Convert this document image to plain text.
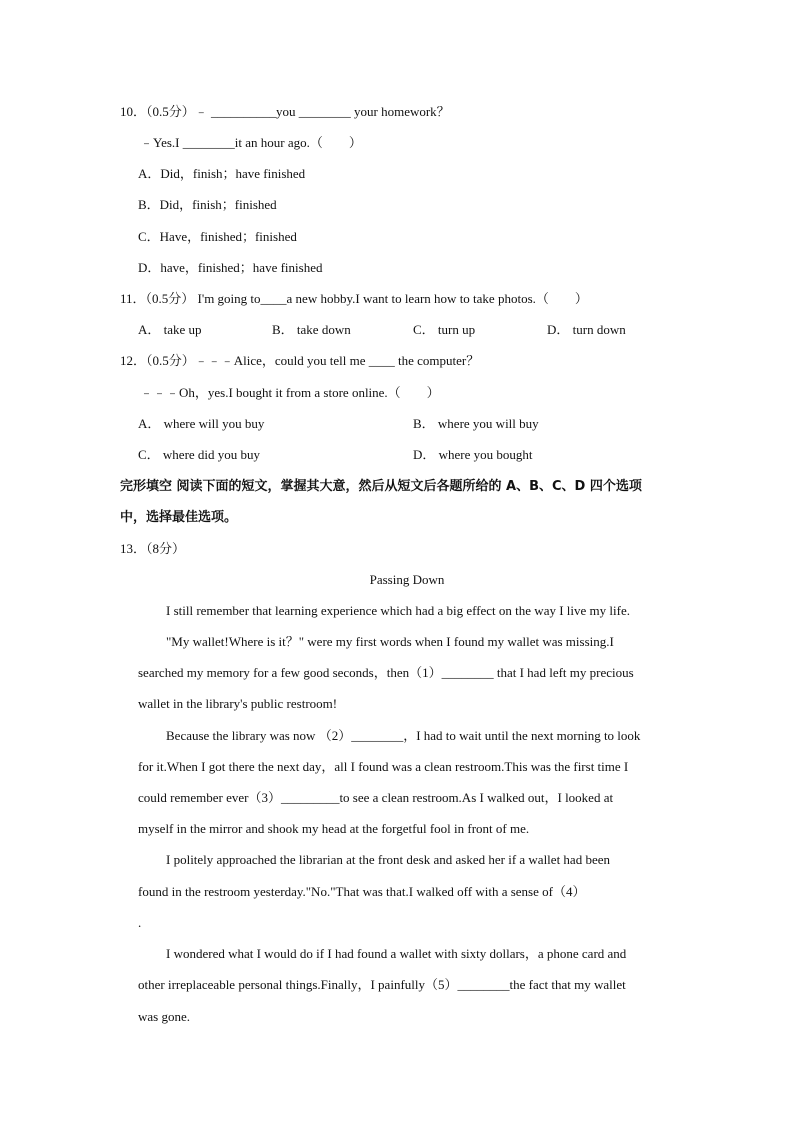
10．（0.5分）﹣ __________you ________ your homework？
﹣Yes.I ________it an hour ago.（　　）
A．Did，finish；have finished
B．Did，finish；finished
C．Have，finished；finished
D．have，finished；have finished
11．（0.5分） I'm going to____a new hobby.I want to learn how to take photos.（　　）
A． take up	B． take down	C． turn up	D． turn down
12．（0.5分）﹣﹣﹣Alice，could you tell me ____ the computer？
﹣﹣﹣Oh，yes.I bought it from a store online.（　　）
A． where will you buy	B． where you will buy
C． where did you buy	D． where you bought
完形填空 阅读下面的短文，掌握其大意，然后从短文后各题所给的 A、B、C、D 四个选项
中，选择最佳选项。
13．（8分）
Passing Down
I still remember that learning experience which had a big effect on the way I live my life.
"My wallet!Where is it？" were my first words when I found my wallet was missing.I
searched my memory for a few good seconds，then（1）________ that I had left my precious
wallet in the library's public restroom!
Because the library was now （2）________，I had to wait until the next morning to look
for it.When I got there the next day，all I found was a clean restroom.This was the first time I
could remember ever（3）_________to see a clean restroom.As I walked out，I looked at
myself in the mirror and shook my head at the forgetful fool in front of me.
I politely approached the librarian at the front desk and asked her if a wallet had been
found in the restroom yesterday."No."That was that.I walked off with a sense of（4）
.
I wondered what I would do if I had found a wallet with sixty dollars，a phone card and
other irreplaceable personal things.Finally，I painfully（5）________the fact that my wallet
was gone.
